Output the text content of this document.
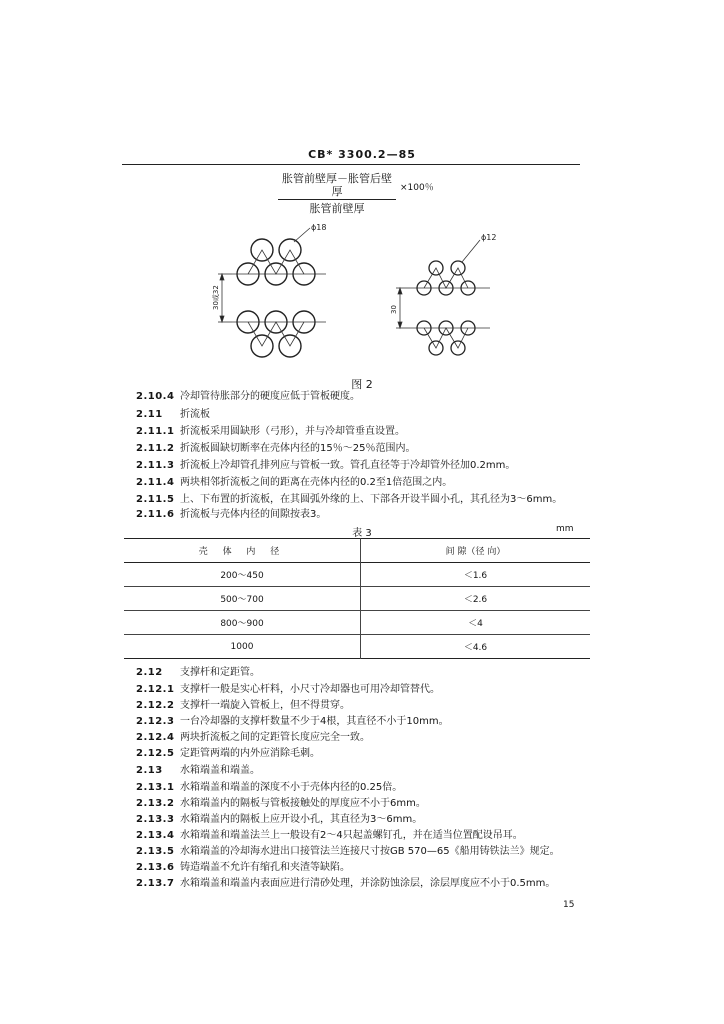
CB* 3300.2—85
胀管前壁厚－胀管后壁厚
胀管前壁厚
×100％
ϕ18
30或32
ϕ12
30
图 2
2.10.4 冷却管待胀部分的硬度应低于管板硬度。
2.11 折流板
2.11.1 折流板采用圆缺形（弓形），并与冷却管垂直设置。
2.11.2 折流板圆缺切断率在壳体内径的15％～25％范围内。
2.11.3 折流板上冷却管孔排列应与管板一致。管孔直径等于冷却管外径加0.2mm。
2.11.4 两块相邻折流板之间的距离在壳体内径的0.2至1倍范围之内。
2.11.5 上、下布置的折流板，在其圆弧外缘的上、下部各开设半圆小孔，其孔径为3～6mm。
2.11.6 折流板与壳体内径的间隙按表3。
表 3	mm
壳 体 内 径	间 隙（径 向）
200～450	＜1.6
500～700	＜2.6
800～900	＜4
1000	＜4.6
2.12 支撑杆和定距管。
2.12.1 支撑杆一般是实心杆料，小尺寸冷却器也可用冷却管替代。
2.12.2 支撑杆一端旋入管板上，但不得贯穿。
2.12.3 一台冷却器的支撑杆数量不少于4根，其直径不小于10mm。
2.12.4 两块折流板之间的定距管长度应完全一致。
2.12.5 定距管两端的内外应消除毛刺。
2.13 水箱端盖和端盖。
2.13.1 水箱端盖和端盖的深度不小于壳体内径的0.25倍。
2.13.2 水箱端盖内的隔板与管板接触处的厚度应不小于6mm。
2.13.3 水箱端盖内的隔板上应开设小孔，其直径为3～6mm。
2.13.4 水箱端盖和端盖法兰上一般设有2～4只起盖螺钉孔，并在适当位置配设吊耳。
2.13.5 水箱端盖的冷却海水进出口接管法兰连接尺寸按GB 570—65《船用铸铁法兰》规定。
2.13.6 铸造端盖不允许有缩孔和夹渣等缺陷。
2.13.7 水箱端盖和端盖内表面应进行清砂处理，并涂防蚀涂层，涂层厚度应不小于0.5mm。
15
